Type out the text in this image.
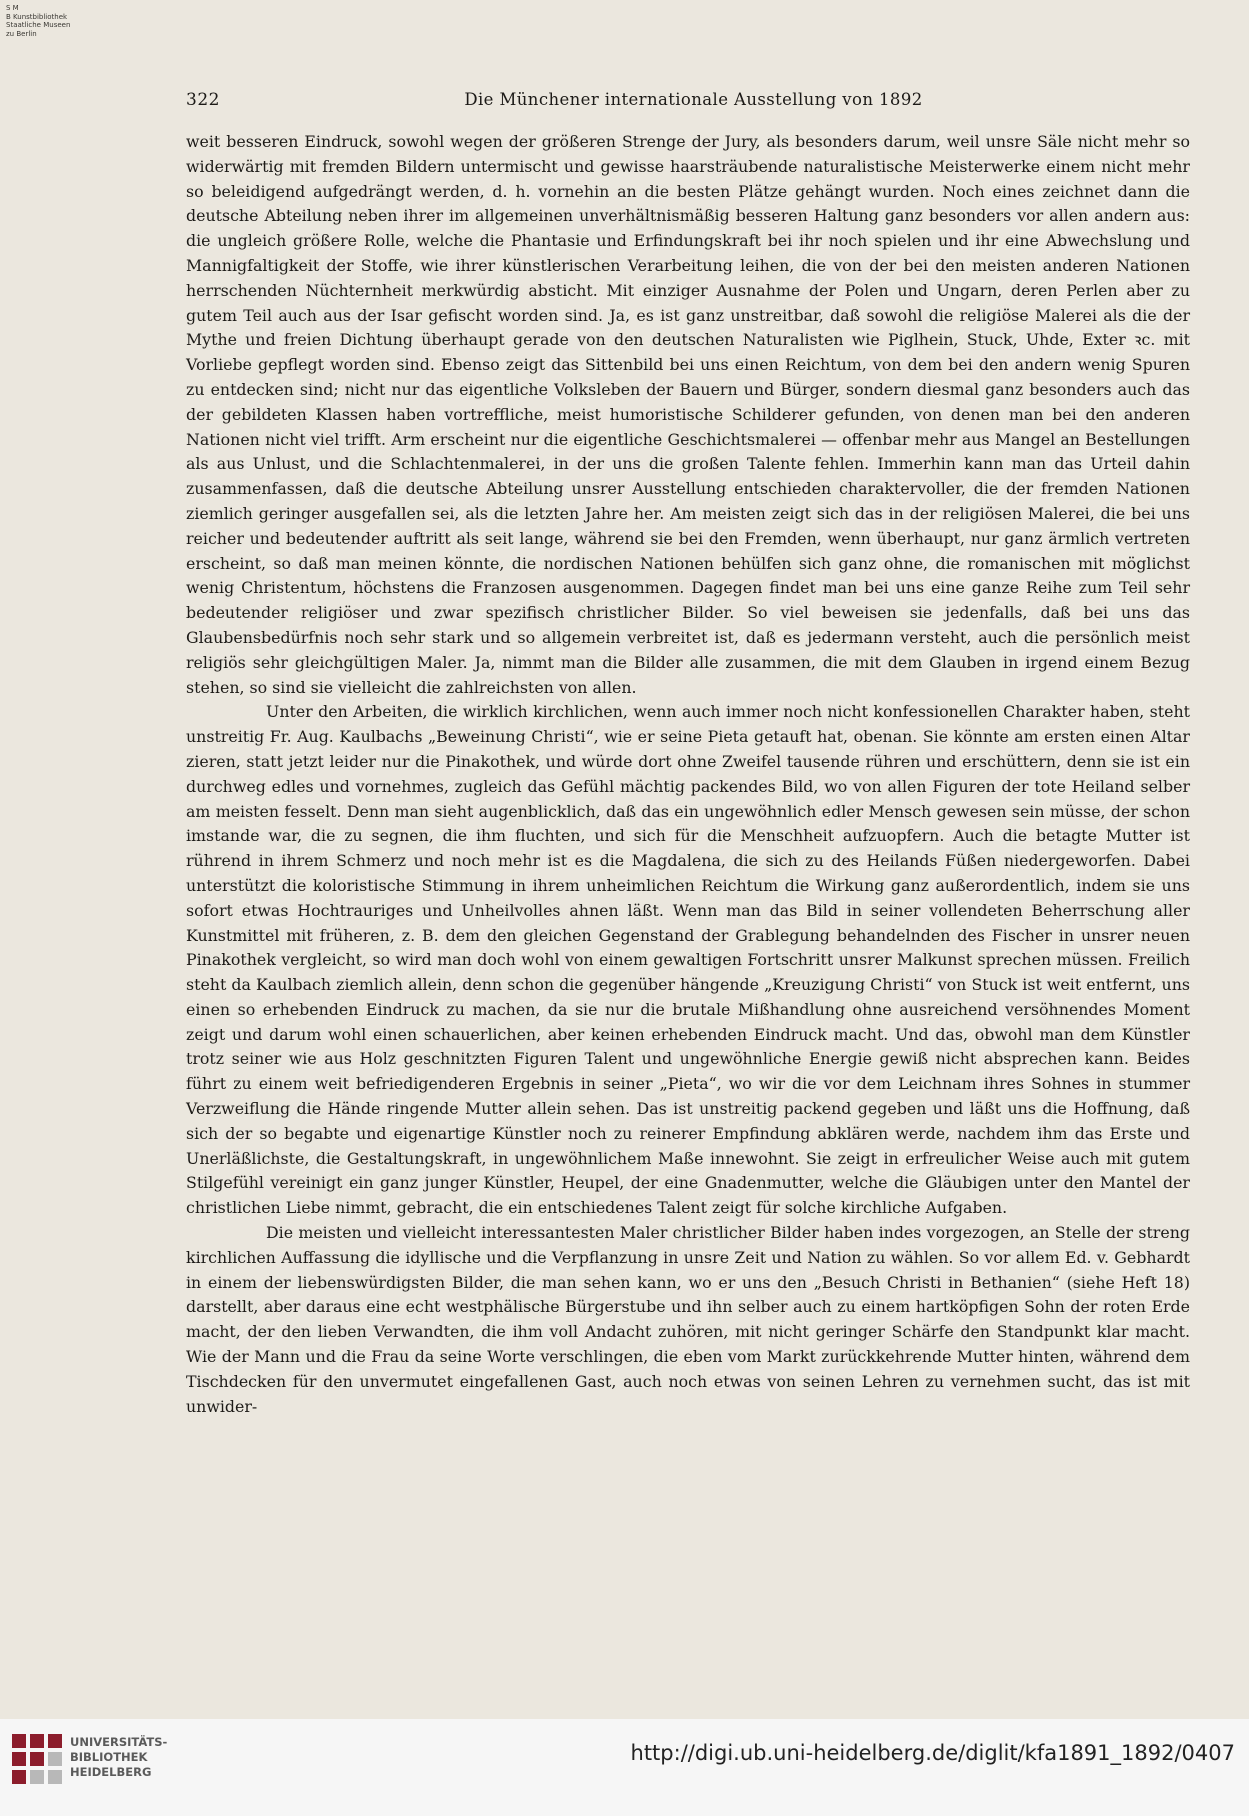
S M
B Kunstbibliothek
Staatliche Museen
zu Berlin
322	Die Münchener internationale Ausstellung von 1892

weit besseren Eindruck, sowohl wegen der größeren Strenge der Jury, als besonders darum, weil unsre Säle nicht mehr so widerwärtig mit fremden Bildern untermischt und gewisse haarsträubende naturalistische Meisterwerke einem nicht mehr so beleidigend aufgedrängt werden, d. h. vornehin an die besten Plätze gehängt wurden. Noch eines zeichnet dann die deutsche Abteilung neben ihrer im allgemeinen unverhältnismäßig besseren Haltung ganz besonders vor allen andern aus: die ungleich größere Rolle, welche die Phantasie und Erfindungskraft bei ihr noch spielen und ihr eine Abwechslung und Mannigfaltigkeit der Stoffe, wie ihrer künstlerischen Verarbeitung leihen, die von der bei den meisten anderen Nationen herrschenden Nüchternheit merkwürdig absticht. Mit einziger Ausnahme der Polen und Ungarn, deren Perlen aber zu gutem Teil auch aus der Isar gefischt worden sind. Ja, es ist ganz unstreitbar, daß sowohl die religiöse Malerei als die der Mythe und freien Dichtung überhaupt gerade von den deutschen Naturalisten wie Piglhein, Stuck, Uhde, Exter ꝛc. mit Vorliebe gepflegt worden sind. Ebenso zeigt das Sittenbild bei uns einen Reichtum, von dem bei den andern wenig Spuren zu entdecken sind; nicht nur das eigentliche Volksleben der Bauern und Bürger, sondern diesmal ganz besonders auch das der gebildeten Klassen haben vortreffliche, meist humoristische Schilderer gefunden, von denen man bei den anderen Nationen nicht viel trifft. Arm erscheint nur die eigentliche Geschichtsmalerei — offenbar mehr aus Mangel an Bestellungen als aus Unlust, und die Schlachtenmalerei, in der uns die großen Talente fehlen. Immerhin kann man das Urteil dahin zusammenfassen, daß die deutsche Abteilung unsrer Ausstellung entschieden charaktervoller, die der fremden Nationen ziemlich geringer ausgefallen sei, als die letzten Jahre her. Am meisten zeigt sich das in der religiösen Malerei, die bei uns reicher und bedeutender auftritt als seit lange, während sie bei den Fremden, wenn überhaupt, nur ganz ärmlich vertreten erscheint, so daß man meinen könnte, die nordischen Nationen behülfen sich ganz ohne, die romanischen mit möglichst wenig Christentum, höchstens die Franzosen ausgenommen. Dagegen findet man bei uns eine ganze Reihe zum Teil sehr bedeutender religiöser und zwar spezifisch christlicher Bilder. So viel beweisen sie jedenfalls, daß bei uns das Glaubensbedürfnis noch sehr stark und so allgemein verbreitet ist, daß es jedermann versteht, auch die persönlich meist religiös sehr gleichgültigen Maler. Ja, nimmt man die Bilder alle zusammen, die mit dem Glauben in irgend einem Bezug stehen, so sind sie vielleicht die zahlreichsten von allen.

Unter den Arbeiten, die wirklich kirchlichen, wenn auch immer noch nicht konfessionellen Charakter haben, steht unstreitig Fr. Aug. Kaulbachs „Beweinung Christi“, wie er seine Pieta getauft hat, obenan. Sie könnte am ersten einen Altar zieren, statt jetzt leider nur die Pinakothek, und würde dort ohne Zweifel tausende rühren und erschüttern, denn sie ist ein durchweg edles und vornehmes, zugleich das Gefühl mächtig packendes Bild, wo von allen Figuren der tote Heiland selber am meisten fesselt. Denn man sieht augenblicklich, daß das ein ungewöhnlich edler Mensch gewesen sein müsse, der schon imstande war, die zu segnen, die ihm fluchten, und sich für die Menschheit aufzuopfern. Auch die betagte Mutter ist rührend in ihrem Schmerz und noch mehr ist es die Magdalena, die sich zu des Heilands Füßen niedergeworfen. Dabei unterstützt die koloristische Stimmung in ihrem unheimlichen Reichtum die Wirkung ganz außerordentlich, indem sie uns sofort etwas Hochtrauriges und Unheilvolles ahnen läßt. Wenn man das Bild in seiner vollendeten Beherrschung aller Kunstmittel mit früheren, z. B. dem den gleichen Gegenstand der Grablegung behandelnden des Fischer in unsrer neuen Pinakothek vergleicht, so wird man doch wohl von einem gewaltigen Fortschritt unsrer Malkunst sprechen müssen. Freilich steht da Kaulbach ziemlich allein, denn schon die gegenüber hängende „Kreuzigung Christi“ von Stuck ist weit entfernt, uns einen so erhebenden Eindruck zu machen, da sie nur die brutale Mißhandlung ohne ausreichend versöhnendes Moment zeigt und darum wohl einen schauerlichen, aber keinen erhebenden Eindruck macht. Und das, obwohl man dem Künstler trotz seiner wie aus Holz geschnitzten Figuren Talent und ungewöhnliche Energie gewiß nicht absprechen kann. Beides führt zu einem weit befriedigenderen Ergebnis in seiner „Pieta“, wo wir die vor dem Leichnam ihres Sohnes in stummer Verzweiflung die Hände ringende Mutter allein sehen. Das ist unstreitig packend gegeben und läßt uns die Hoffnung, daß sich der so begabte und eigenartige Künstler noch zu reinerer Empfindung abklären werde, nachdem ihm das Erste und Unerläßlichste, die Gestaltungskraft, in ungewöhnlichem Maße innewohnt. Sie zeigt in erfreulicher Weise auch mit gutem Stilgefühl vereinigt ein ganz junger Künstler, Heupel, der eine Gnadenmutter, welche die Gläubigen unter den Mantel der christlichen Liebe nimmt, gebracht, die ein entschiedenes Talent zeigt für solche kirchliche Aufgaben.

Die meisten und vielleicht interessantesten Maler christlicher Bilder haben indes vorgezogen, an Stelle der streng kirchlichen Auffassung die idyllische und die Verpflanzung in unsre Zeit und Nation zu wählen. So vor allem Ed. v. Gebhardt in einem der liebenswürdigsten Bilder, die man sehen kann, wo er uns den „Besuch Christi in Bethanien“ (siehe Heft 18) darstellt, aber daraus eine echt westphälische Bürgerstube und ihn selber auch zu einem hartköpfigen Sohn der roten Erde macht, der den lieben Verwandten, die ihm voll Andacht zuhören, mit nicht geringer Schärfe den Standpunkt klar macht. Wie der Mann und die Frau da seine Worte verschlingen, die eben vom Markt zurückkehrende Mutter hinten, während dem Tischdecken für den unvermutet eingefallenen Gast, auch noch etwas von seinen Lehren zu vernehmen sucht, das ist mit unwider-

UNIVERSITÄTS-
BIBLIOTHEK
HEIDELBERG
http://digi.ub.uni-heidelberg.de/diglit/kfa1891_1892/0407
